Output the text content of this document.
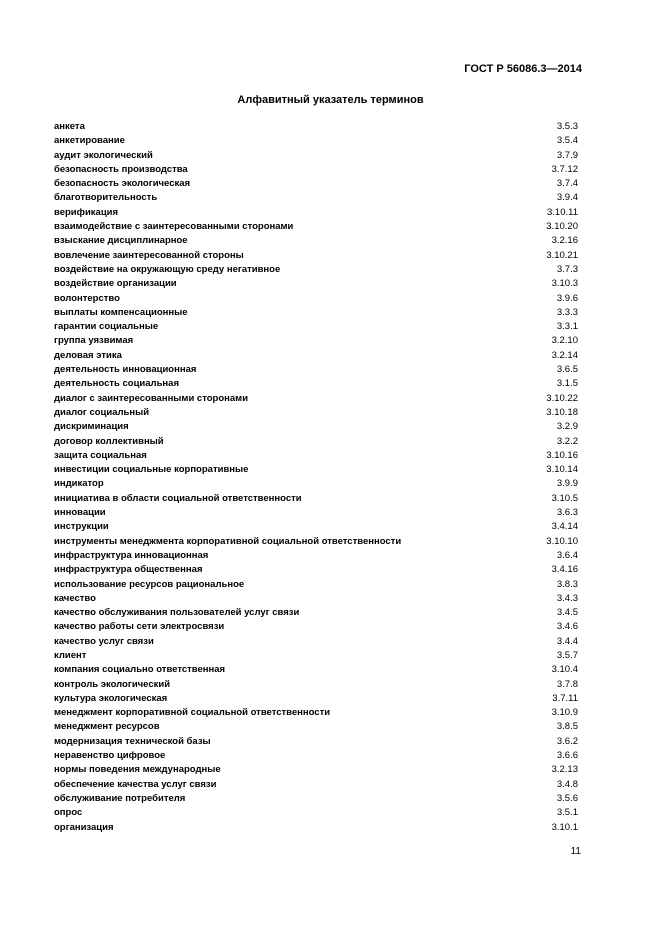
ГОСТ Р 56086.3—2014
Алфавитный указатель терминов
анкета	3.5.3
анкетирование	3.5.4
аудит экологический	3.7.9
безопасность производства	3.7.12
безопасность экологическая	3.7.4
благотворительность	3.9.4
верификация	3.10.11
взаимодействие с заинтересованными сторонами	3.10.20
взыскание дисциплинарное	3.2.16
вовлечение заинтересованной стороны	3.10.21
воздействие на окружающую среду негативное	3.7.3
воздействие организации	3.10.3
волонтерство	3.9.6
выплаты компенсационные	3.3.3
гарантии социальные	3.3.1
группа уязвимая	3.2.10
деловая этика	3.2.14
деятельность инновационная	3.6.5
деятельность социальная	3.1.5
диалог с заинтересованными сторонами	3.10.22
диалог социальный	3.10.18
дискриминация	3.2.9
договор коллективный	3.2.2
защита социальная	3.10.16
инвестиции социальные корпоративные	3.10.14
индикатор	3.9.9
инициатива в области социальной ответственности	3.10.5
инновации	3.6.3
инструкции	3.4.14
инструменты менеджмента корпоративной социальной ответственности	3.10.10
инфраструктура инновационная	3.6.4
инфраструктура общественная	3.4.16
использование ресурсов рациональное	3.8.3
качество	3.4.3
качество обслуживания пользователей услуг связи	3.4.5
качество работы сети электросвязи	3.4.6
качество услуг связи	3.4.4
клиент	3.5.7
компания социально ответственная	3.10.4
контроль экологический	3.7.8
культура экологическая	3.7.11
менеджмент корпоративной социальной ответственности	3.10.9
менеджмент ресурсов	3.8.5
модернизация технической базы	3.6.2
неравенство цифровое	3.6.6
нормы поведения международные	3.2.13
обеспечение качества услуг связи	3.4.8
обслуживание потребителя	3.5.6
опрос	3.5.1
организация	3.10.1
11
